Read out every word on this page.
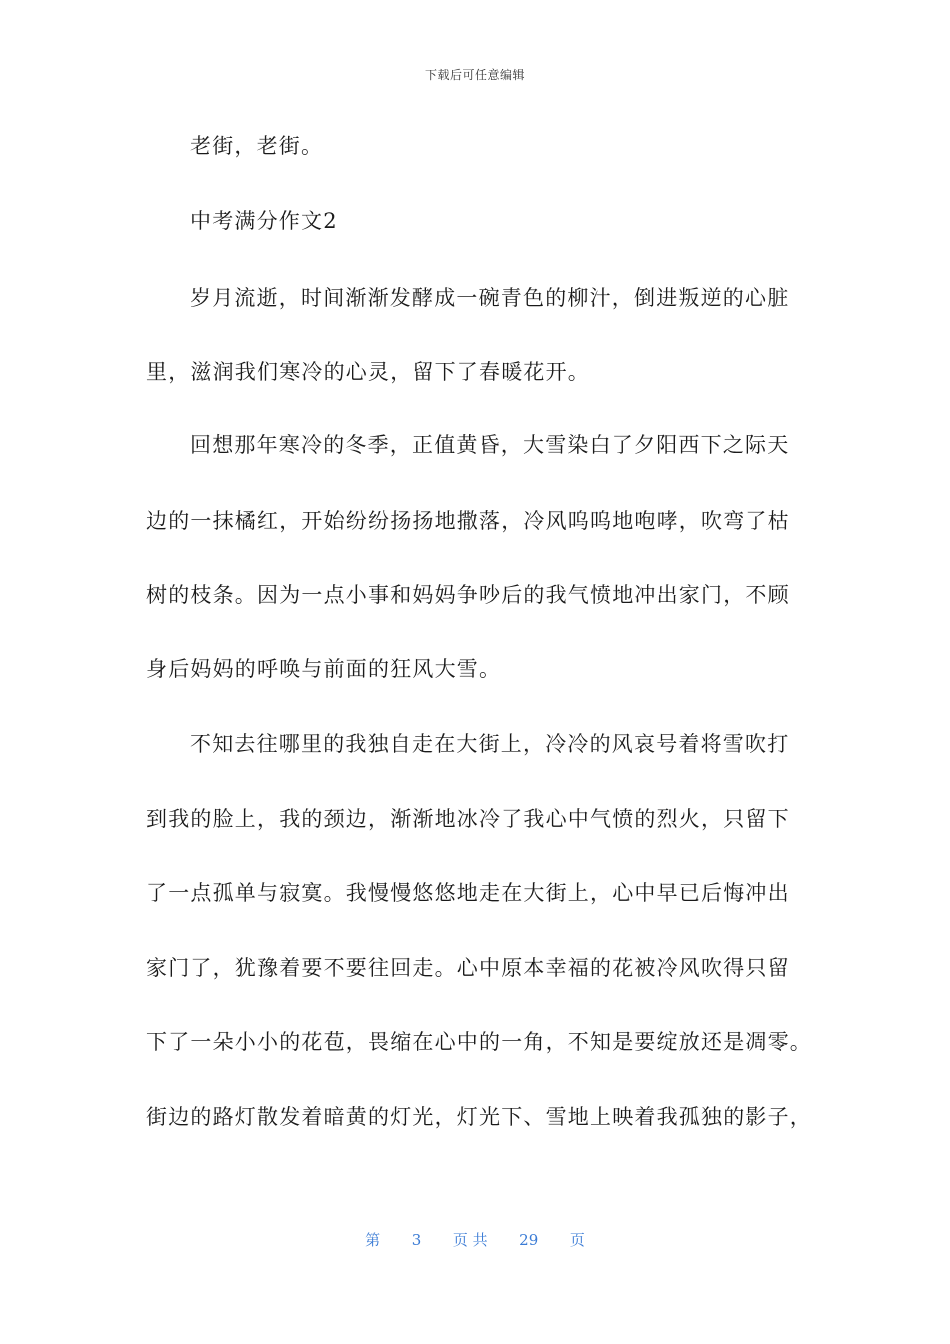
下载后可任意编辑
老街，老街。
中考满分作文2
岁月流逝，时间渐渐发酵成一碗青色的柳汁，倒进叛逆的心脏
里，滋润我们寒冷的心灵，留下了春暖花开。
回想那年寒冷的冬季，正值黄昏，大雪染白了夕阳西下之际天
边的一抹橘红，开始纷纷扬扬地撒落，冷风呜呜地咆哮，吹弯了枯
树的枝条。因为一点小事和妈妈争吵后的我气愤地冲出家门，不顾
身后妈妈的呼唤与前面的狂风大雪。
不知去往哪里的我独自走在大街上，冷冷的风哀号着将雪吹打
到我的脸上，我的颈边，渐渐地冰冷了我心中气愤的烈火，只留下
了一点孤单与寂寞。我慢慢悠悠地走在大街上，心中早已后悔冲出
家门了，犹豫着要不要往回走。心中原本幸福的花被冷风吹得只留
下了一朵小小的花苞，畏缩在心中的一角，不知是要绽放还是凋零。
街边的路灯散发着暗黄的灯光，灯光下、雪地上映着我孤独的影子，
第 3 页 共 29 页
